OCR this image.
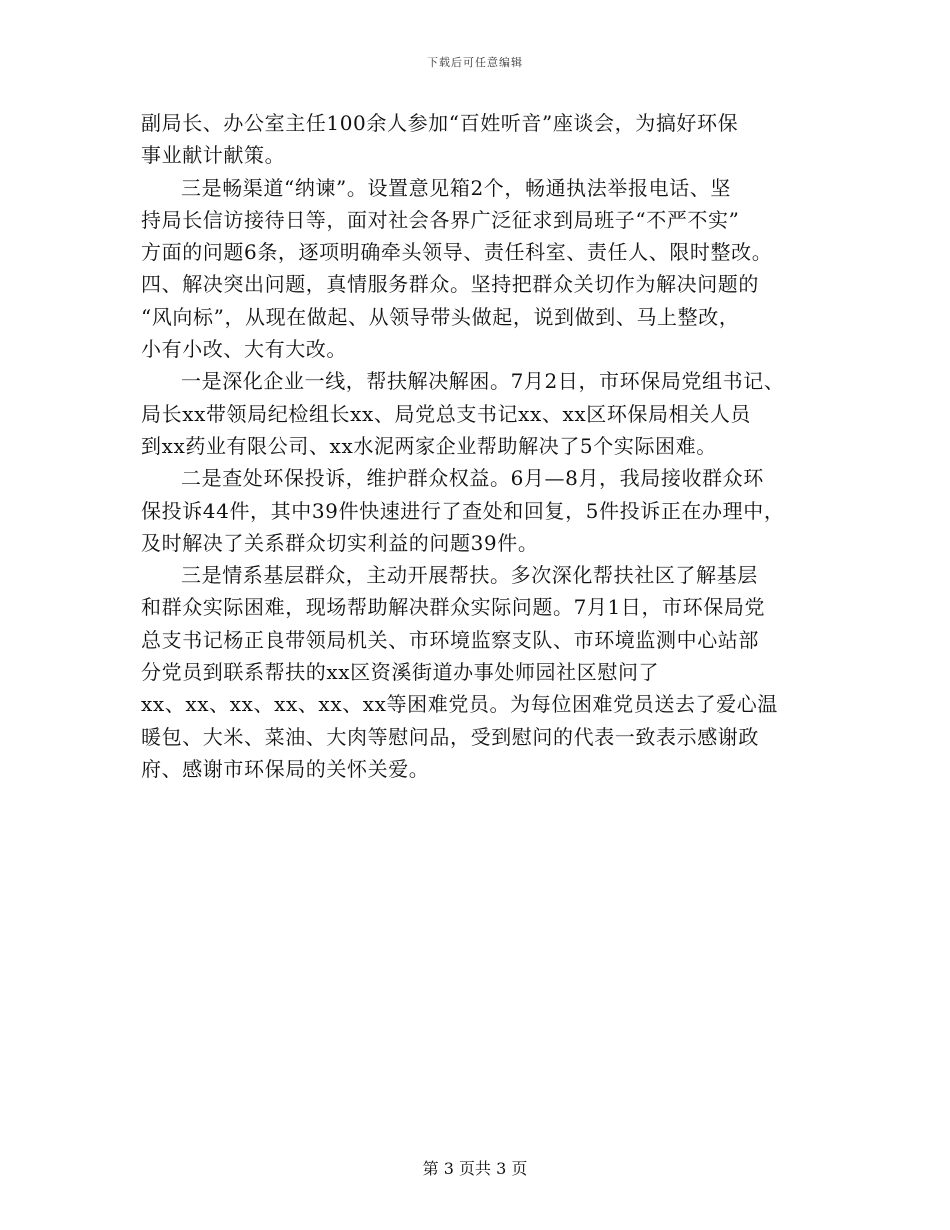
下载后可任意编辑
副局长、办公室主任100余人参加“百姓听音”座谈会，为搞好环保
事业献计献策。
三是畅渠道“纳谏”。设置意见箱2个，畅通执法举报电话、坚
持局长信访接待日等，面对社会各界广泛征求到局班子“不严不实”
方面的问题6条，逐项明确牵头领导、责任科室、责任人、限时整改。
四、解决突出问题，真情服务群众。坚持把群众关切作为解决问题的
“风向标”，从现在做起、从领导带头做起，说到做到、马上整改，
小有小改、大有大改。
一是深化企业一线，帮扶解决解困。7月2日，市环保局党组书记、
局长xx带领局纪检组长xx、局党总支书记xx、xx区环保局相关人员
到xx药业有限公司、xx水泥两家企业帮助解决了5个实际困难。
二是查处环保投诉，维护群众权益。6月—8月，我局接收群众环
保投诉44件，其中39件快速进行了查处和回复，5件投诉正在办理中，
及时解决了关系群众切实利益的问题39件。
三是情系基层群众，主动开展帮扶。多次深化帮扶社区了解基层
和群众实际困难，现场帮助解决群众实际问题。7月1日，市环保局党
总支书记杨正良带领局机关、市环境监察支队、市环境监测中心站部
分党员到联系帮扶的xx区资溪街道办事处师园社区慰问了
xx、xx、xx、xx、xx、xx等困难党员。为每位困难党员送去了爱心温
暖包、大米、菜油、大肉等慰问品，受到慰问的代表一致表示感谢政
府、感谢市环保局的关怀关爱。
第 3 页共 3 页
